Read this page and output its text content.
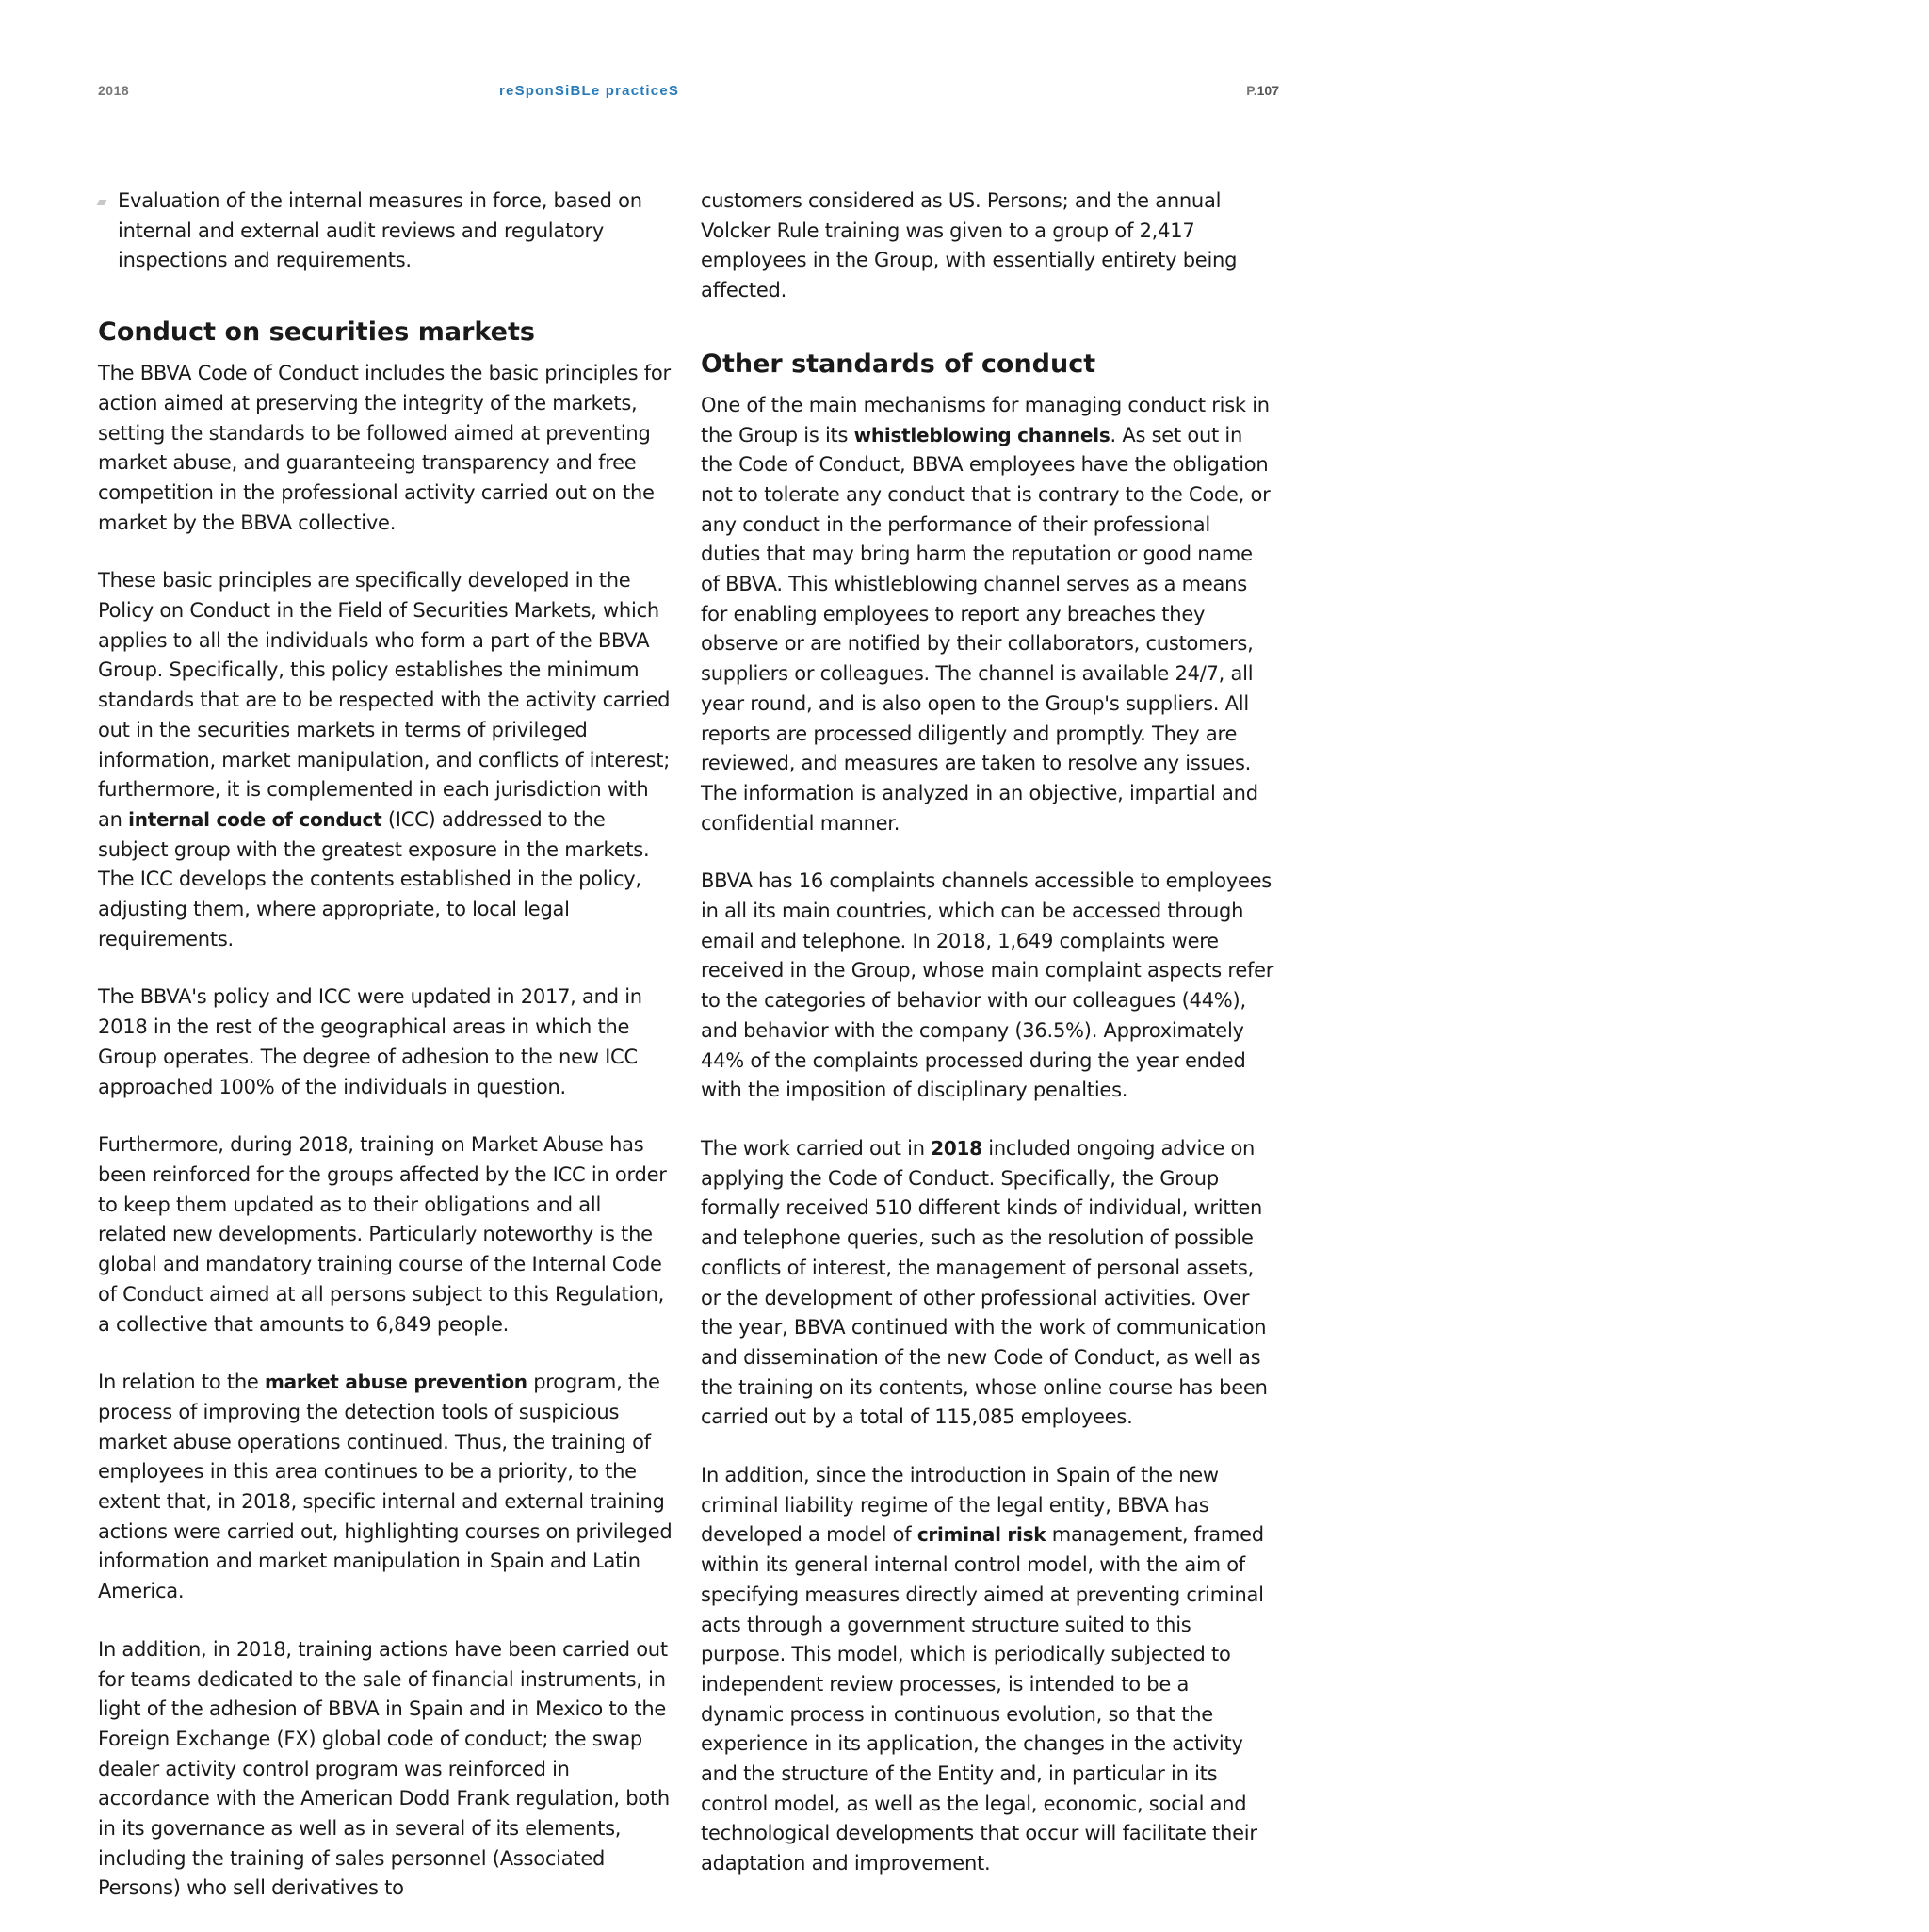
2018	reSponSiBLe practiceS	P.107
Evaluation of the internal measures in force, based on internal and external audit reviews and regulatory inspections and requirements.
Conduct on securities markets

The BBVA Code of Conduct includes the basic principles for action aimed at preserving the integrity of the markets, setting the standards to be followed aimed at preventing market abuse, and guaranteeing transparency and free competition in the professional activity carried out on the market by the BBVA collective.

These basic principles are specifically developed in the Policy on Conduct in the Field of Securities Markets, which applies to all the individuals who form a part of the BBVA Group. Specifically, this policy establishes the minimum standards that are to be respected with the activity carried out in the securities markets in terms of privileged information, market manipulation, and conflicts of interest; furthermore, it is complemented in each jurisdiction with an internal code of conduct (ICC) addressed to the subject group with the greatest exposure in the markets. The ICC develops the contents established in the policy, adjusting them, where appropriate, to local legal requirements.

The BBVA's policy and ICC were updated in 2017, and in 2018 in the rest of the geographical areas in which the Group operates. The degree of adhesion to the new ICC approached 100% of the individuals in question.

Furthermore, during 2018, training on Market Abuse has been reinforced for the groups affected by the ICC in order to keep them updated as to their obligations and all related new developments. Particularly noteworthy is the global and mandatory training course of the Internal Code of Conduct aimed at all persons subject to this Regulation, a collective that amounts to 6,849 people.

In relation to the market abuse prevention program, the process of improving the detection tools of suspicious market abuse operations continued. Thus, the training of employees in this area continues to be a priority, to the extent that, in 2018, specific internal and external training actions were carried out, highlighting courses on privileged information and market manipulation in Spain and Latin America.

In addition, in 2018, training actions have been carried out for teams dedicated to the sale of financial instruments, in light of the adhesion of BBVA in Spain and in Mexico to the Foreign Exchange (FX) global code of conduct; the swap dealer activity control program was reinforced in accordance with the American Dodd Frank regulation, both in its governance as well as in several of its elements, including the training of sales personnel (Associated Persons) who sell derivatives to

customers considered as US. Persons; and the annual Volcker Rule training was given to a group of 2,417 employees in the Group, with essentially entirety being affected.

Other standards of conduct

One of the main mechanisms for managing conduct risk in the Group is its whistleblowing channels. As set out in the Code of Conduct, BBVA employees have the obligation not to tolerate any conduct that is contrary to the Code, or any conduct in the performance of their professional duties that may bring harm the reputation or good name of BBVA. This whistleblowing channel serves as a means for enabling employees to report any breaches they observe or are notified by their collaborators, customers, suppliers or colleagues. The channel is available 24/7, all year round, and is also open to the Group's suppliers. All reports are processed diligently and promptly. They are reviewed, and measures are taken to resolve any issues. The information is analyzed in an objective, impartial and confidential manner.

BBVA has 16 complaints channels accessible to employees in all its main countries, which can be accessed through email and telephone. In 2018, 1,649 complaints were received in the Group, whose main complaint aspects refer to the categories of behavior with our colleagues (44%), and behavior with the company (36.5%). Approximately 44% of the complaints processed during the year ended with the imposition of disciplinary penalties.

The work carried out in 2018 included ongoing advice on applying the Code of Conduct. Specifically, the Group formally received 510 different kinds of individual, written and telephone queries, such as the resolution of possible conflicts of interest, the management of personal assets, or the development of other professional activities. Over the year, BBVA continued with the work of communication and dissemination of the new Code of Conduct, as well as the training on its contents, whose online course has been carried out by a total of 115,085 employees.

In addition, since the introduction in Spain of the new criminal liability regime of the legal entity, BBVA has developed a model of criminal risk management, framed within its general internal control model, with the aim of specifying measures directly aimed at preventing criminal acts through a government structure suited to this purpose. This model, which is periodically subjected to independent review processes, is intended to be a dynamic process in continuous evolution, so that the experience in its application, the changes in the activity and the structure of the Entity and, in particular in its control model, as well as the legal, economic, social and technological developments that occur will facilitate their adaptation and improvement.
